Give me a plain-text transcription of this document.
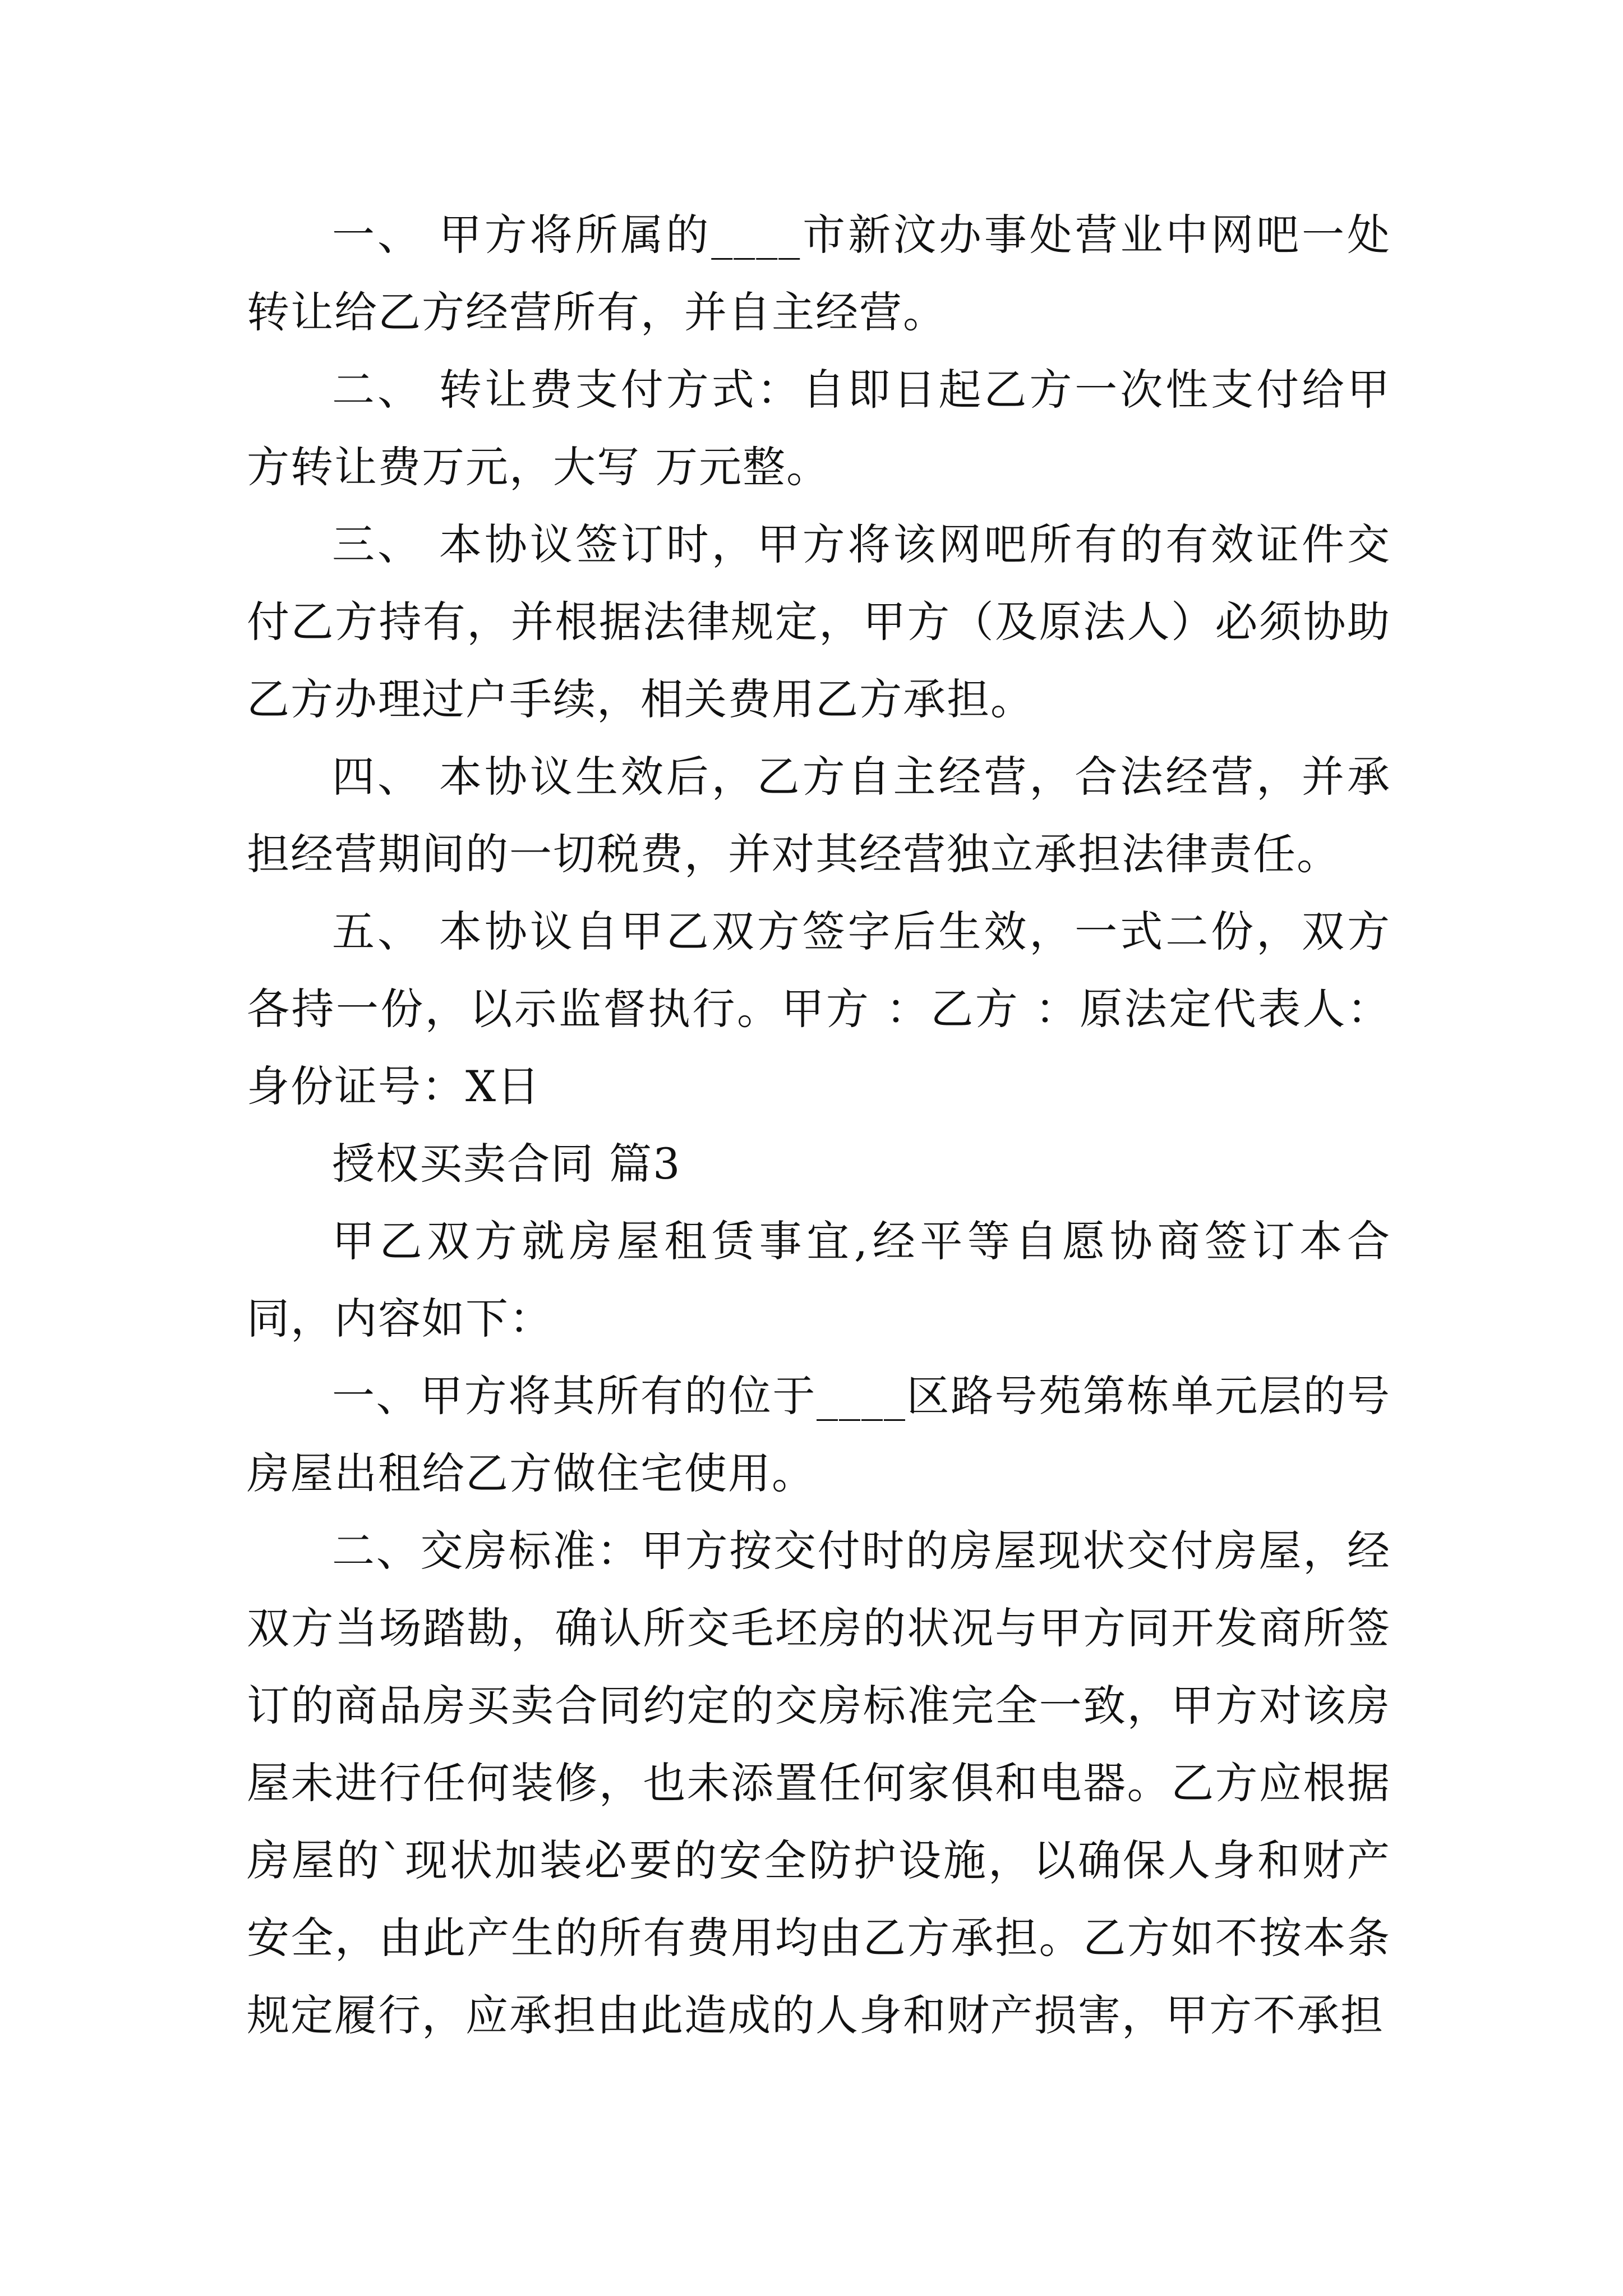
一、 甲方将所属的____市新汶办事处营业中网吧一处转让给乙方经营所有，并自主经营。

二、 转让费支付方式：自即日起乙方一次性支付给甲方转让费万元，大写 万元整。

三、 本协议签订时，甲方将该网吧所有的有效证件交付乙方持有，并根据法律规定，甲方（及原法人）必须协助乙方办理过户手续，相关费用乙方承担。

四、 本协议生效后，乙方自主经营，合法经营，并承担经营期间的一切税费，并对其经营独立承担法律责任。

五、 本协议自甲乙双方签字后生效，一式二份，双方各持一份，以示监督执行。甲方 ：乙方 ：原法定代表人：身份证号：X日

授权买卖合同 篇3

甲乙双方就房屋租赁事宜,经平等自愿协商签订本合同，内容如下：

一、甲方将其所有的位于____区路号苑第栋单元层的号房屋出租给乙方做住宅使用。

二、交房标准：甲方按交付时的房屋现状交付房屋，经双方当场踏勘，确认所交毛坯房的状况与甲方同开发商所签订的商品房买卖合同约定的交房标准完全一致，甲方对该房屋未进行任何装修，也未添置任何家俱和电器。乙方应根据房屋的`现状加装必要的安全防护设施，以确保人身和财产安全，由此产生的所有费用均由乙方承担。乙方如不按本条规定履行，应承担由此造成的人身和财产损害，甲方不承担
